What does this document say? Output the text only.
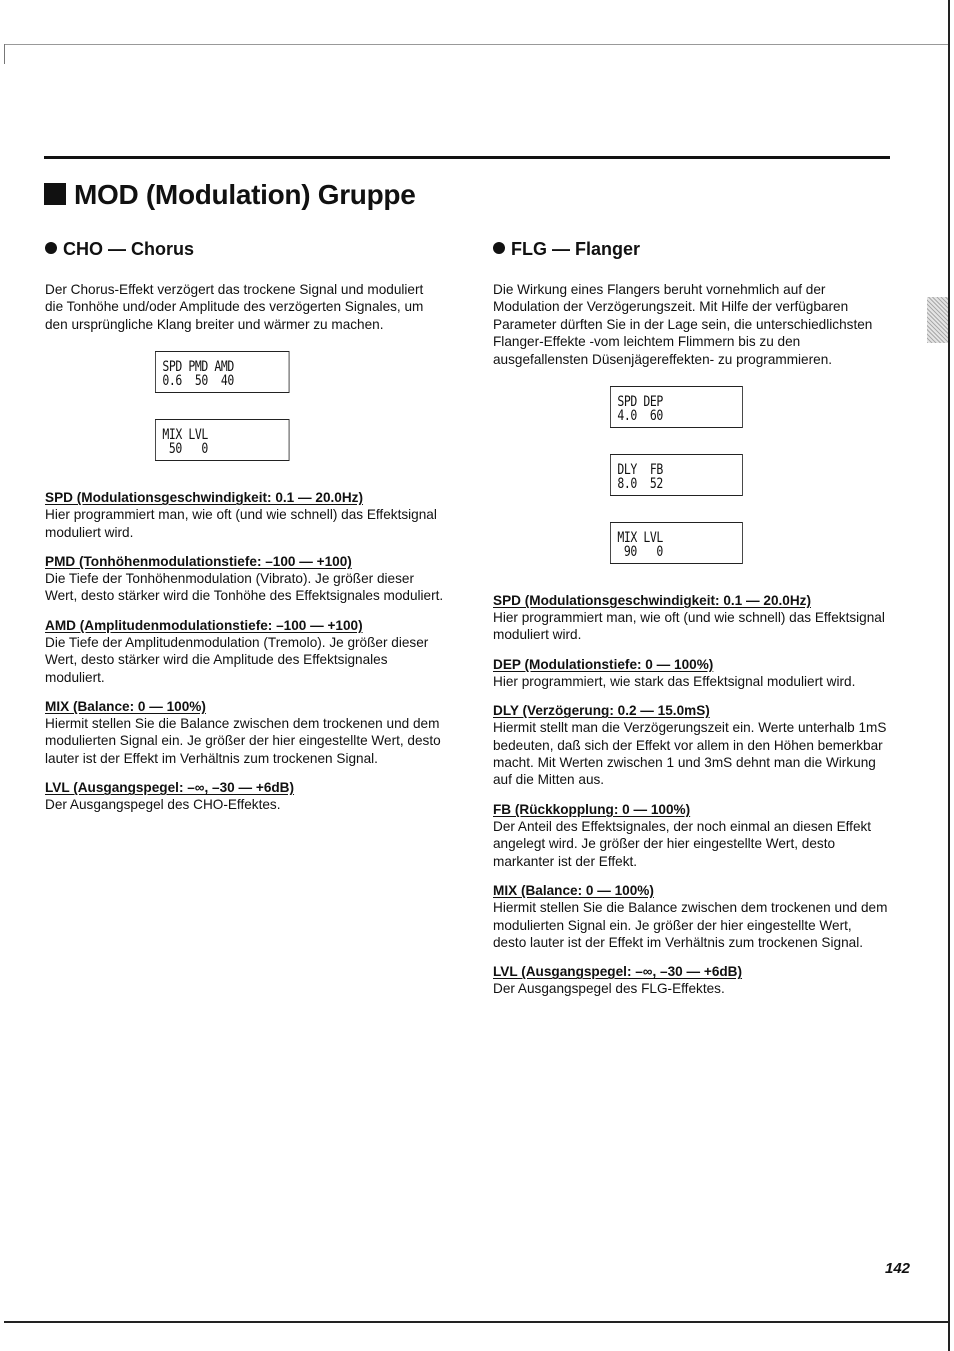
MOD (Modulation) Gruppe
CHO — Chorus

Der Chorus-Effekt verzögert das trockene Signal und moduliert die Tonhöhe und/oder Amplitude des verzögerten Signales, um den ursprüngliche Klang breiter und wärmer zu machen.

SPD PMD AMD
0.6  50  40
MIX LVL
50   0
SPD (Modulationsgeschwindigkeit: 0.1 — 20.0Hz)

Hier programmiert man, wie oft (und wie schnell) das Effektsignal moduliert wird.

PMD (Tonhöhenmodulationstiefe: –100 — +100)

Die Tiefe der Tonhöhenmodulation (Vibrato). Je größer dieser Wert, desto stärker wird die Tonhöhe des Effektsignales moduliert.

AMD (Amplitudenmodulationstiefe: –100 — +100)

Die Tiefe der Amplitudenmodulation (Tremolo). Je größer dieser Wert, desto stärker wird die Amplitude des Effektsignales moduliert.

MIX (Balance: 0 — 100%)

Hiermit stellen Sie die Balance zwischen dem trockenen und dem modulierten Signal ein. Je größer der hier eingestellte Wert, desto lauter ist der Effekt im Verhältnis zum trockenen Signal.

LVL (Ausgangspegel: –∞, –30 — +6dB)

Der Ausgangspegel des CHO-Effektes.

FLG — Flanger

Die Wirkung eines Flangers beruht vornehmlich auf der Modulation der Verzögerungszeit. Mit Hilfe der verfügbaren Parameter dürften Sie in der Lage sein, die unterschiedlichsten Flanger-Effekte -vom leichtem Flimmern bis zu den ausgefallensten Düsenjägereffekten- zu programmieren.

SPD DEP
4.0  60
DLY  FB
8.0  52
MIX LVL
90   0
SPD (Modulationsgeschwindigkeit: 0.1 — 20.0Hz)

Hier programmiert man, wie oft (und wie schnell) das Effektsignal moduliert wird.

DEP (Modulationstiefe: 0 — 100%)

Hier programmiert, wie stark das Effektsignal moduliert wird.

DLY (Verzögerung: 0.2 — 15.0mS)

Hiermit stellt man die Verzögerungszeit ein. Werte unterhalb 1mS bedeuten, daß sich der Effekt vor allem in den Höhen bemerkbar macht. Mit Werten zwischen 1 und 3mS dehnt man die Wirkung auf die Mitten aus.

FB (Rückkopplung: 0 — 100%)

Der Anteil des Effektsignales, der noch einmal an diesen Effekt angelegt wird. Je größer der hier eingestellte Wert, desto markanter ist der Effekt.

MIX (Balance: 0 — 100%)

Hiermit stellen Sie die Balance zwischen dem trockenen und dem modulierten Signal ein. Je größer der hier eingestellte Wert, desto lauter ist der Effekt im Verhältnis zum trockenen Signal.

LVL (Ausgangspegel: –∞, –30 — +6dB)

Der Ausgangspegel des FLG-Effektes.

142
